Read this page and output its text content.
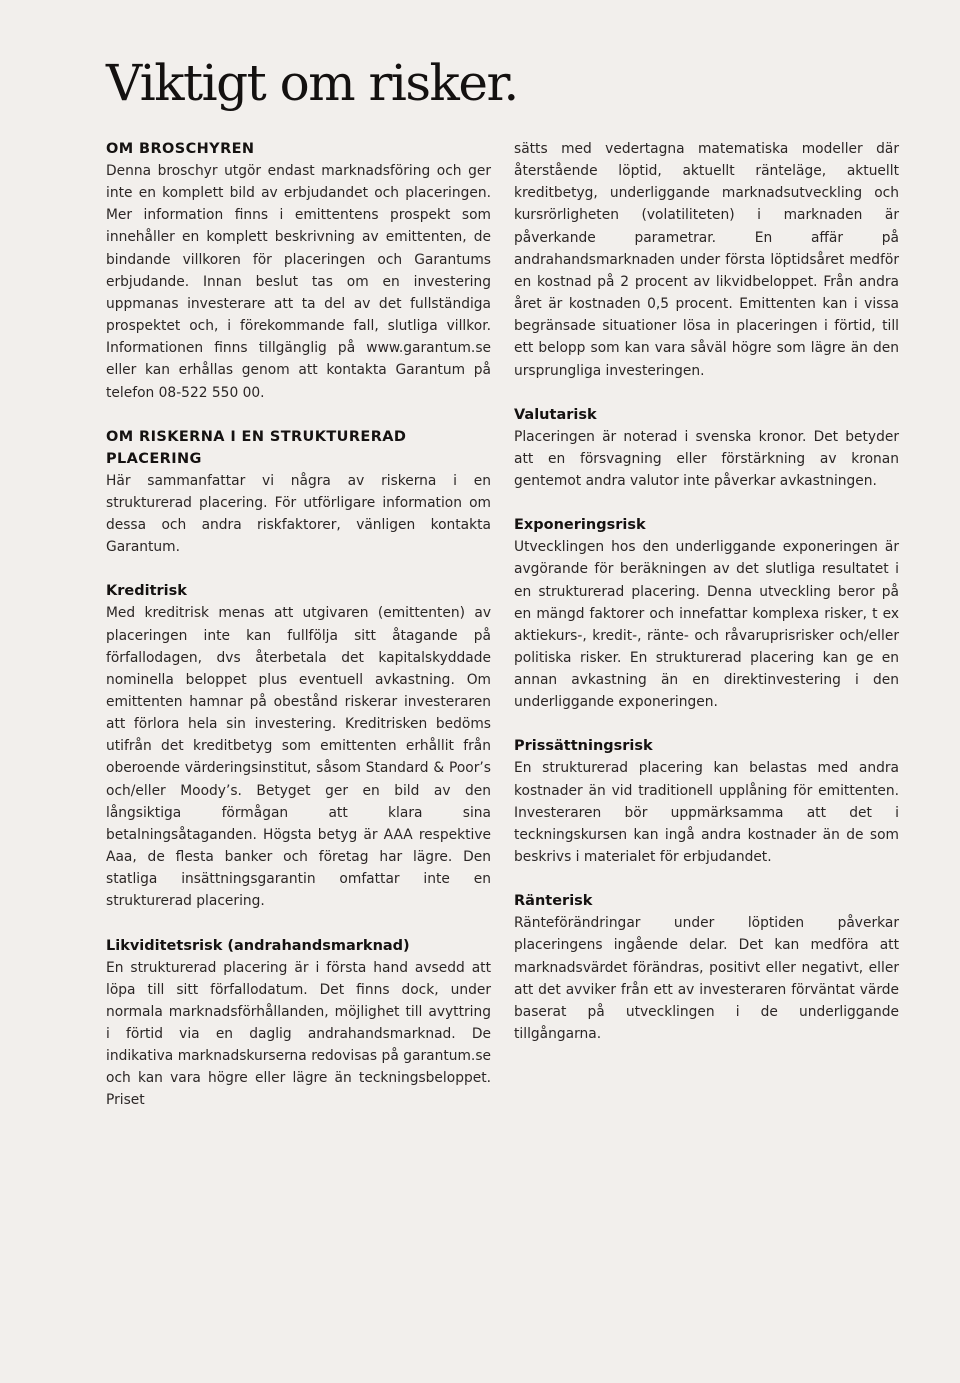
Viktigt om risker.
OM BROSCHYREN

Denna broschyr utgör endast marknadsföring och ger inte en komplett bild av erbjudandet och placeringen. Mer information finns i emittentens prospekt som innehåller en komplett beskrivning av emittenten, de bindande villkoren för placeringen och Garantums erbjudande. Innan beslut tas om en investering uppmanas investerare att ta del av det fullständiga prospektet och, i förekommande fall, slutliga villkor. Informationen finns tillgänglig på www.garantum.se eller kan erhållas genom att kontakta Garantum på telefon 08-522 550 00.

OM RISKERNA I EN STRUKTURERAD PLACERING

Här sammanfattar vi några av riskerna i en strukturerad placering. För utförligare information om dessa och andra riskfaktorer, vänligen kontakta Garantum.

Kreditrisk

Med kreditrisk menas att utgivaren (emittenten) av placeringen inte kan fullfölja sitt åtagande på förfallodagen, dvs återbetala det kapitalskyddade nominella beloppet plus eventuell avkastning. Om emittenten hamnar på obestånd riskerar investeraren att förlora hela sin investering. Kreditrisken bedöms utifrån det kreditbetyg som emittenten erhållit från oberoende värderingsinstitut, såsom Standard & Poor’s och/eller Moody’s. Betyget ger en bild av den långsiktiga förmågan att klara sina betalningsåtaganden. Högsta betyg är AAA respektive Aaa, de flesta banker och företag har lägre. Den statliga insättningsgarantin omfattar inte en strukturerad placering.

Likviditetsrisk (andrahandsmarknad)

En strukturerad placering är i första hand avsedd att löpa till sitt förfallodatum. Det finns dock, under normala marknadsförhållanden, möjlighet till avyttring i förtid via en daglig andrahandsmarknad. De indikativa marknadskurserna redovisas på garantum.se och kan vara högre eller lägre än teckningsbeloppet. Priset

sätts med vedertagna matematiska modeller där återstående löptid, aktuellt ränteläge, aktuellt kreditbetyg, underliggande marknadsutveckling och kursrörligheten (volatiliteten) i marknaden är påverkande parametrar. En affär på andrahandsmarknaden under första löptidsåret medför en kostnad på 2 procent av likvidbeloppet. Från andra året är kostnaden 0,5 procent. Emittenten kan i vissa begränsade situationer lösa in placeringen i förtid, till ett belopp som kan vara såväl högre som lägre än den ursprungliga investeringen.

Valutarisk

Placeringen är noterad i svenska kronor. Det betyder att en försvagning eller förstärkning av kronan gentemot andra valutor inte påverkar avkastningen.

Exponeringsrisk

Utvecklingen hos den underliggande exponeringen är avgörande för beräkningen av det slutliga resultatet i en strukturerad placering. Denna utveckling beror på en mängd faktorer och innefattar komplexa risker, t ex aktiekurs-, kredit-, ränte- och råvaruprisrisker och/eller politiska risker. En strukturerad placering kan ge en annan avkastning än en direktinvestering i den underliggande exponeringen.

Prissättningsrisk

En strukturerad placering kan belastas med andra kostnader än vid traditionell upplåning för emittenten. Investeraren bör uppmärksamma att det i teckningskursen kan ingå andra kostnader än de som beskrivs i materialet för erbjudandet.

Ränterisk

Ränteförändringar under löptiden påverkar placeringens ingående delar. Det kan medföra att marknadsvärdet förändras, positivt eller negativt, eller att det avviker från ett av investeraren förväntat värde baserat på utvecklingen i de underliggande tillgångarna.
